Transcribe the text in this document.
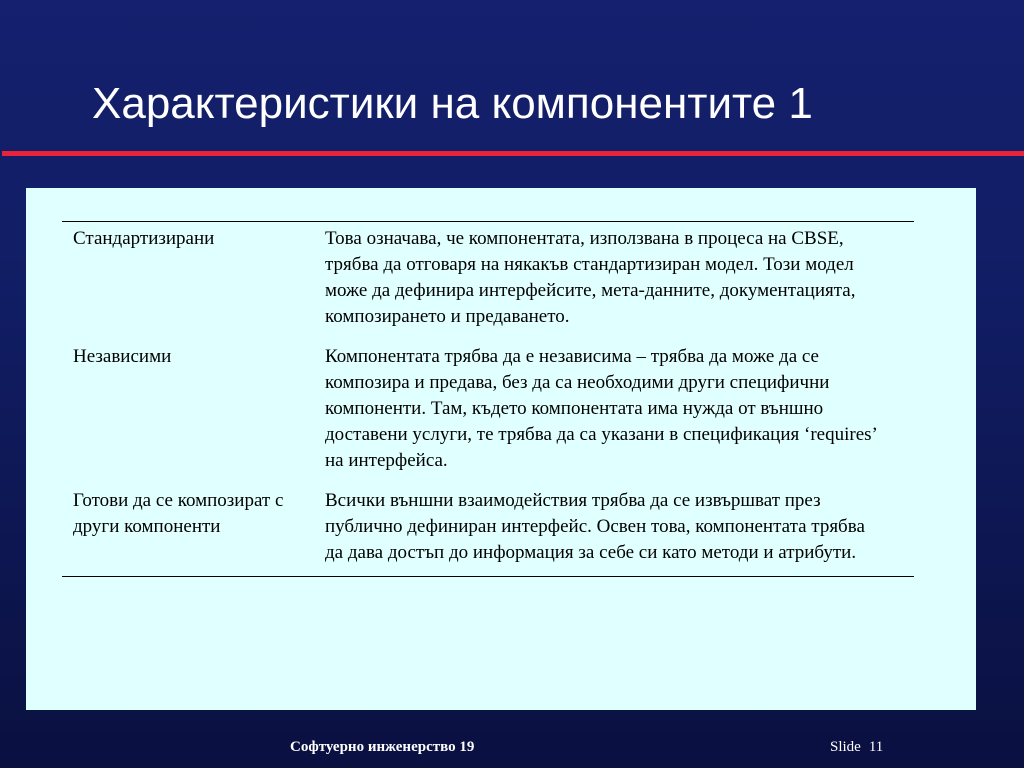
Характеристики на компонентите 1
Стандартизирани	Това означава, че компонентата, използвана в процеса на CBSE, трябва да отговаря на някакъв стандартизиран модел. Този модел може да дефинира интерфейсите, мета-данните, документацията, композирането и предаването.
Независими	Компонентата трябва да е независима – трябва да може да се композира и предава, без да са необходими други специфични компоненти. Там, където компонентата има нужда от външно доставени услуги, те трябва да са указани в спецификация ‘requires’ на интерфейса.
Готови да се композират с други компоненти	Всички външни взаимодействия трябва да се извършват през публично дефиниран интерфейс. Освен това, компонентата трябва да дава достъп до информация за себе си като методи и атрибути.
Софтуерно инженерство 19	Slide 11
